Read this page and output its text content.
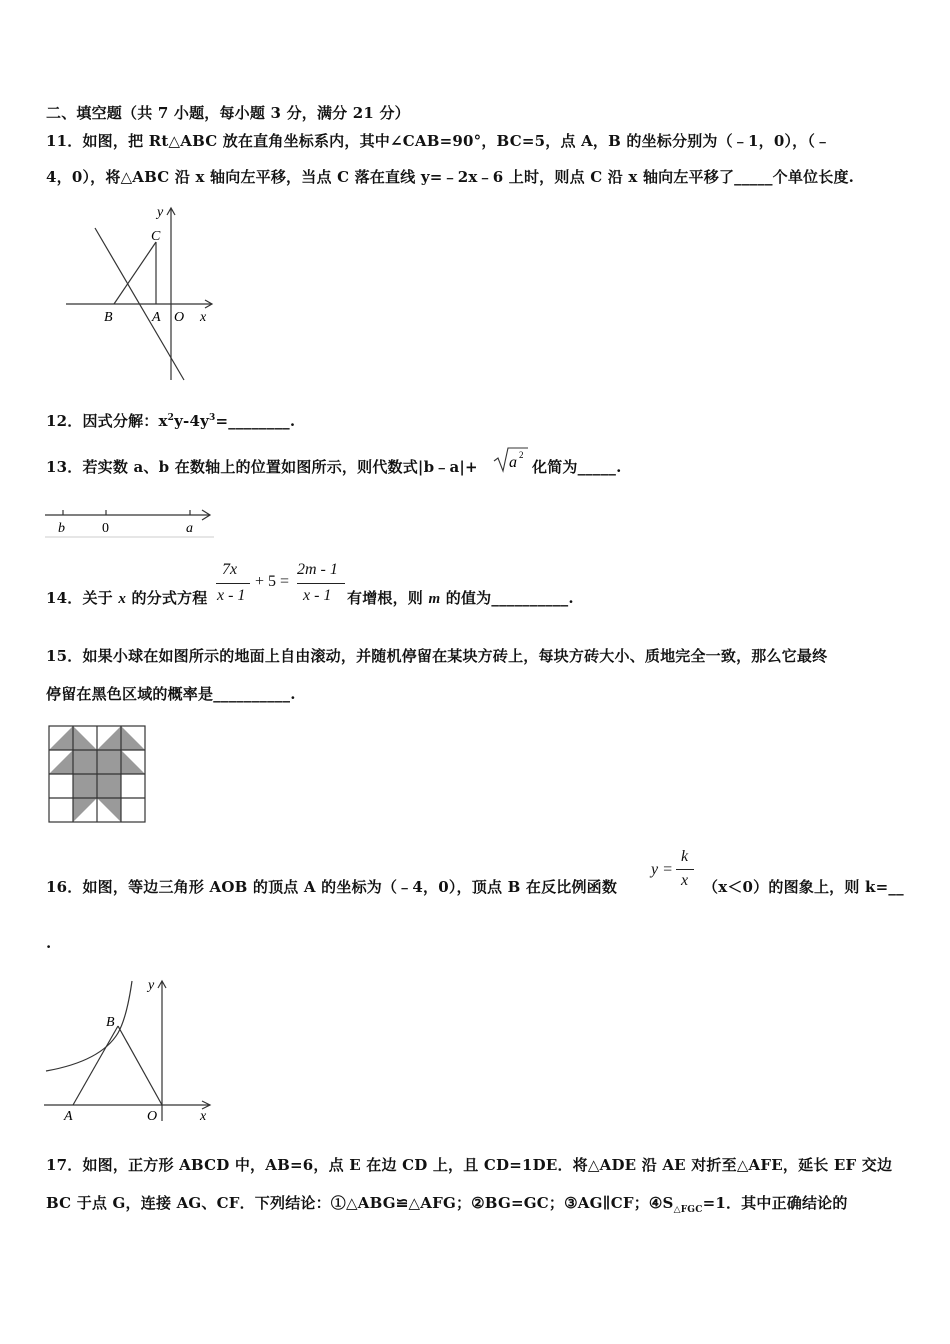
二、填空题（共 7 小题，每小题 3 分，满分 21 分）
11．如图，把 Rt△ABC 放在直角坐标系内，其中∠CAB=90°，BC=5，点 A，B 的坐标分别为（﹣1，0），（﹣
4，0），将△ABC 沿 x 轴向左平移，当点 C 落在直线 y=﹣2x﹣6 上时，则点 C 沿 x 轴向左平移了_____个单位长度.
y
C
B	A O x
12．因式分解：$x^2y-4y^3=\_\_\_\_\_\_\_\_$.
13．若实数 a、b 在数轴上的位置如图所示，则代数式|b﹣a|+ a 2
化简为_____.
b	0	a
14．关于 x 的分式方程
7x
x - 1
+ 5 =
2m - 1
x - 1 有增根，则 m 的值为__________.
15．如果小球在如图所示的地面上自由滚动，并随机停留在某块方砖上，每块方砖大小、质地完全一致，那么它最终
停留在黑色区域的概率是__________.
16．如图，等边三角形 AOB 的顶点 A 的坐标为（﹣4，0），顶点 B 在反比例函数
y =
k
x （x＜0）的图象上，则 k=__
.
y
B
A	O	x
17．如图，正方形 ABCD 中，AB=6，点 E 在边 CD 上，且 CD=1DE．将△ADE 沿 AE 对折至△AFE，延长 EF 交边
BC 于点 G，连接 AG、CF．下列结论：①△ABG≌△AFG；②BG=GC；③AG∥CF；$④S_{\triangle FGC}=1$．其中正确结论的
